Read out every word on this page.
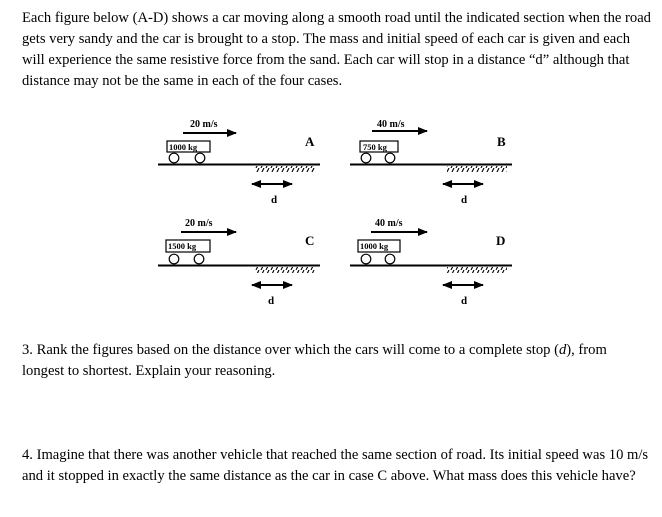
Each figure below (A-D) shows a car moving along a smooth road until the indicated section when the road gets very sandy and the car is brought to a stop. The mass and initial speed of each car is given and each will experience the same resistive force from the sand. Each car will stop in a distance “d” although that distance may not be the same in each of the four cases.

20 m/s
1000 kg
d
A
40 m/s
750 kg
d
B
20 m/s
1500 kg
d
C
40 m/s
1000 kg
d
D

3. Rank the figures based on the distance over which the cars will come to a complete stop (d), from longest to shortest. Explain your reasoning.

4. Imagine that there was another vehicle that reached the same section of road. Its initial speed was 10 m/s and it stopped in exactly the same distance as the car in case C above. What mass does this vehicle have?
